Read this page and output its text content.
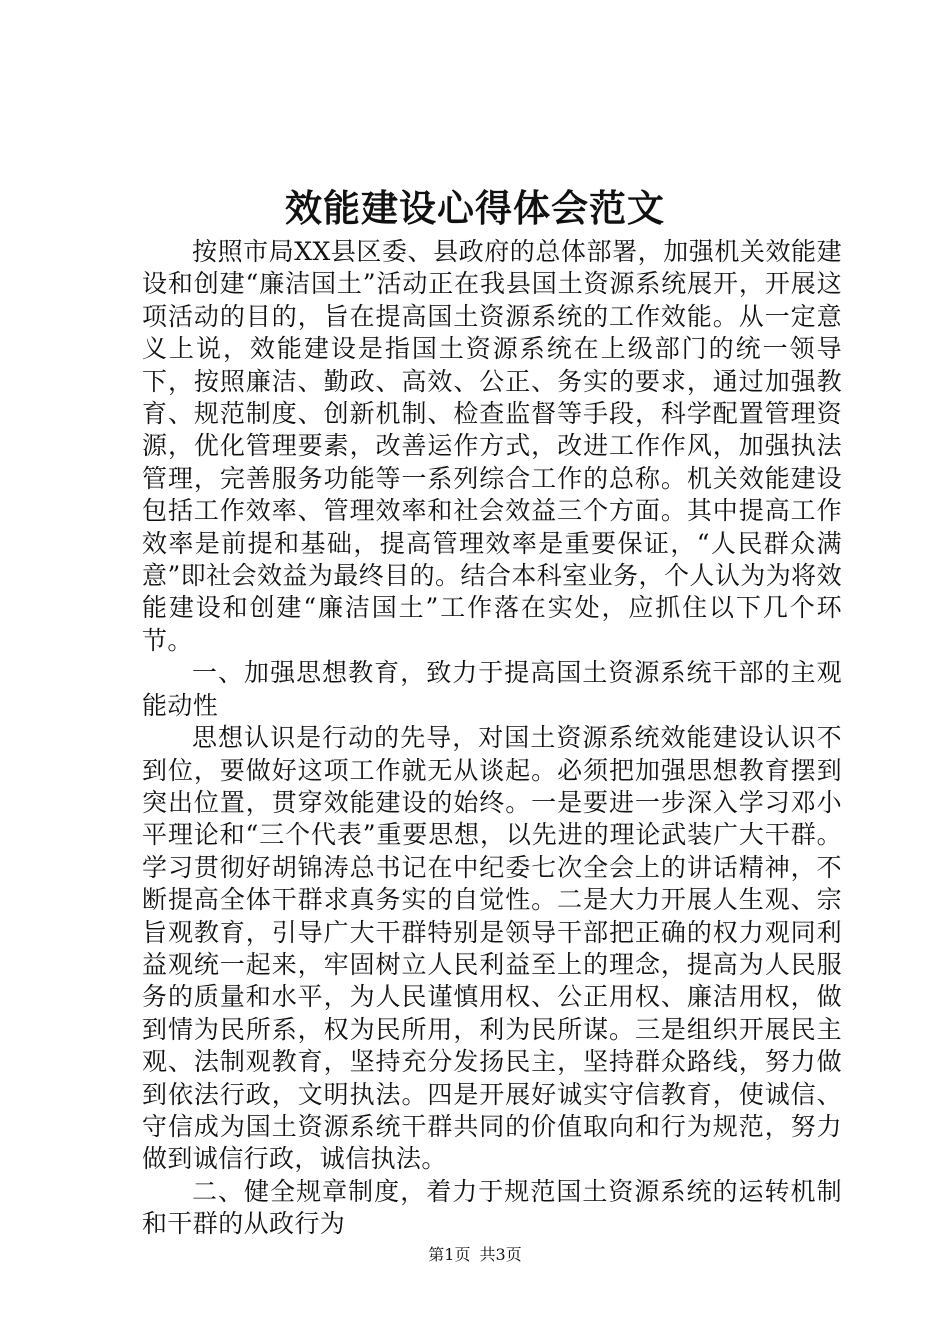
效能建设心得体会范文

按照市局XX县区委、县政府的总体部署，加强机关效能建设和创建“廉洁国土”活动正在我县国土资源系统展开，开展这项活动的目的，旨在提高国土资源系统的工作效能。从一定意义上说，效能建设是指国土资源系统在上级部门的统一领导下，按照廉洁、勤政、高效、公正、务实的要求，通过加强教育、规范制度、创新机制、检查监督等手段，科学配置管理资源，优化管理要素，改善运作方式，改进工作作风，加强执法管理，完善服务功能等一系列综合工作的总称。机关效能建设包括工作效率、管理效率和社会效益三个方面。其中提高工作效率是前提和基础，提高管理效率是重要保证，“人民群众满意”即社会效益为最终目的。结合本科室业务，个人认为为将效能建设和创建“廉洁国土”工作落在实处，应抓住以下几个环节。

一、加强思想教育，致力于提高国土资源系统干部的主观能动性

思想认识是行动的先导，对国土资源系统效能建设认识不到位，要做好这项工作就无从谈起。必须把加强思想教育摆到突出位置，贯穿效能建设的始终。一是要进一步深入学习邓小平理论和“三个代表”重要思想，以先进的理论武装广大干群。学习贯彻好胡锦涛总书记在中纪委七次全会上的讲话精神，不断提高全体干群求真务实的自觉性。二是大力开展人生观、宗旨观教育，引导广大干群特别是领导干部把正确的权力观同利益观统一起来，牢固树立人民利益至上的理念，提高为人民服务的质量和水平，为人民谨慎用权、公正用权、廉洁用权，做到情为民所系，权为民所用，利为民所谋。三是组织开展民主观、法制观教育，坚持充分发扬民主，坚持群众路线，努力做到依法行政，文明执法。四是开展好诚实守信教育，使诚信、守信成为国土资源系统干群共同的价值取向和行为规范，努力做到诚信行政，诚信执法。

二、健全规章制度，着力于规范国土资源系统的运转机制和干群的从政行为

第1页 共3页
